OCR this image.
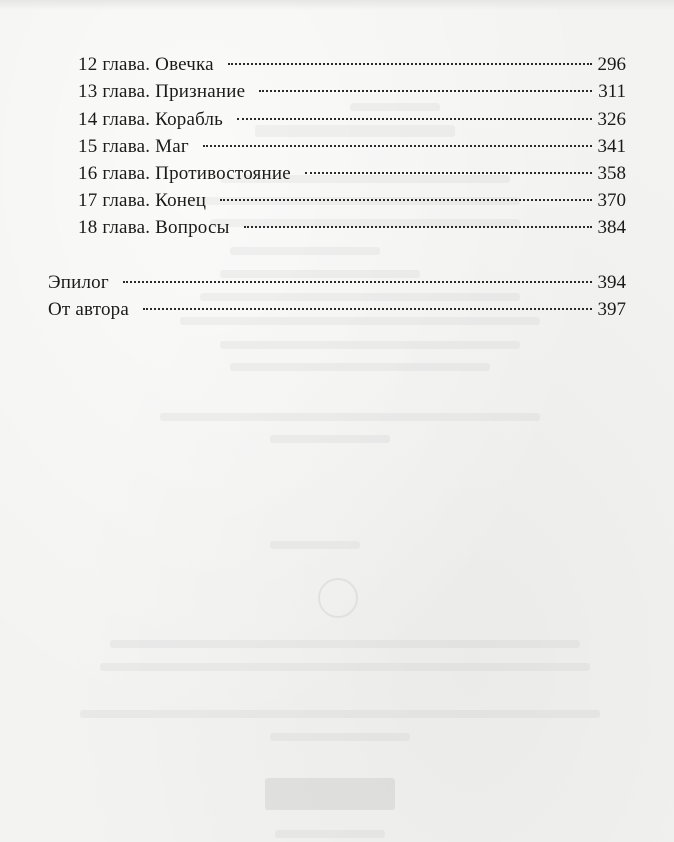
12 глава. Овечка	296
13 глава. Признание	311
14 глава. Корабль	326
15 глава. Маг	341
16 глава. Противостояние	358
17 глава. Конец	370
18 глава. Вопросы	384
Эпилог	394
От автора	397
